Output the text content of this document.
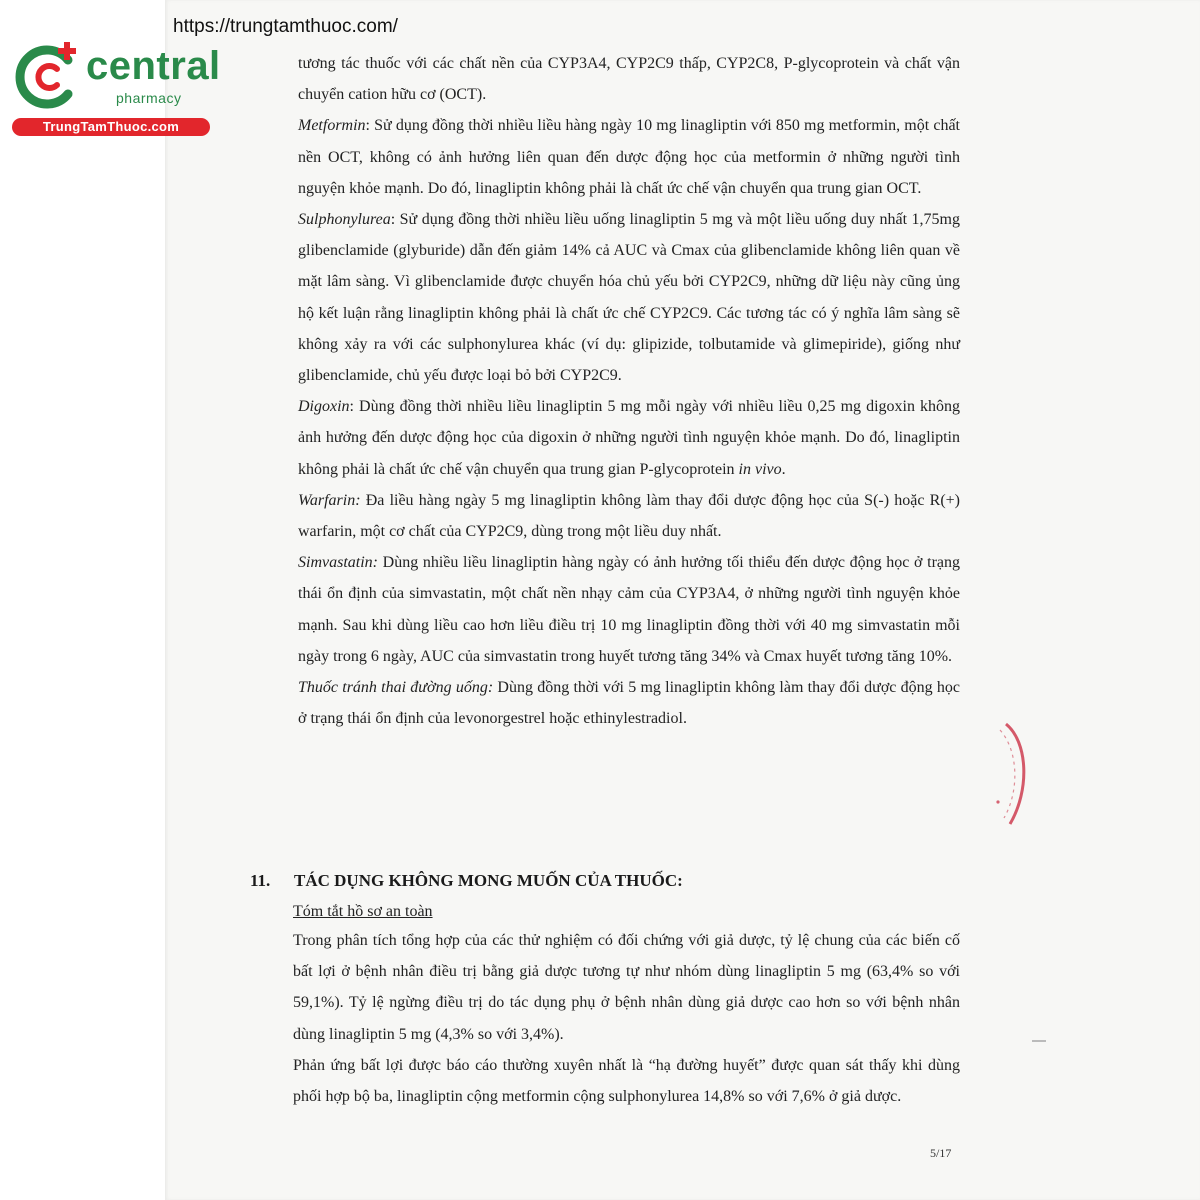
https://trungtamthuoc.com/
central
pharmacy
TrungTamThuoc.com

tương tác thuốc với các chất nền của CYP3A4, CYP2C9 thấp, CYP2C8, P-glycoprotein và chất vận chuyển cation hữu cơ (OCT).

Metformin: Sử dụng đồng thời nhiều liều hàng ngày 10 mg linagliptin với 850 mg metformin, một chất nền OCT, không có ảnh hưởng liên quan đến dược động học của metformin ở những người tình nguyện khỏe mạnh. Do đó, linagliptin không phải là chất ức chế vận chuyển qua trung gian OCT.

Sulphonylurea: Sử dụng đồng thời nhiều liều uống linagliptin 5 mg và một liều uống duy nhất 1,75mg glibenclamide (glyburide) dẫn đến giảm 14% cả AUC và Cmax của glibenclamide không liên quan về mặt lâm sàng. Vì glibenclamide được chuyển hóa chủ yếu bởi CYP2C9, những dữ liệu này cũng ủng hộ kết luận rằng linagliptin không phải là chất ức chế CYP2C9. Các tương tác có ý nghĩa lâm sàng sẽ không xảy ra với các sulphonylurea khác (ví dụ: glipizide, tolbutamide và glimepiride), giống như glibenclamide, chủ yếu được loại bỏ bởi CYP2C9.

Digoxin: Dùng đồng thời nhiều liều linagliptin 5 mg mỗi ngày với nhiều liều 0,25 mg digoxin không ảnh hưởng đến dược động học của digoxin ở những người tình nguyện khỏe mạnh. Do đó, linagliptin không phải là chất ức chế vận chuyển qua trung gian P-glycoprotein in vivo.

Warfarin: Đa liều hàng ngày 5 mg linagliptin không làm thay đổi dược động học của S(-) hoặc R(+) warfarin, một cơ chất của CYP2C9, dùng trong một liều duy nhất.

Simvastatin: Dùng nhiều liều linagliptin hàng ngày có ảnh hưởng tối thiểu đến dược động học ở trạng thái ổn định của simvastatin, một chất nền nhạy cảm của CYP3A4, ở những người tình nguyện khỏe mạnh. Sau khi dùng liều cao hơn liều điều trị 10 mg linagliptin đồng thời với 40 mg simvastatin mỗi ngày trong 6 ngày, AUC của simvastatin trong huyết tương tăng 34% và Cmax huyết tương tăng 10%.

Thuốc tránh thai đường uống: Dùng đồng thời với 5 mg linagliptin không làm thay đổi dược động học ở trạng thái ổn định của levonorgestrel hoặc ethinylestradiol.

11. TÁC DỤNG KHÔNG MONG MUỐN CỦA THUỐC:
Tóm tắt hồ sơ an toàn

Trong phân tích tổng hợp của các thử nghiệm có đối chứng với giả dược, tỷ lệ chung của các biến cố bất lợi ở bệnh nhân điều trị bằng giả dược tương tự như nhóm dùng linagliptin 5 mg (63,4% so với 59,1%). Tỷ lệ ngừng điều trị do tác dụng phụ ở bệnh nhân dùng giả dược cao hơn so với bệnh nhân dùng linagliptin 5 mg (4,3% so với 3,4%).

Phản ứng bất lợi được báo cáo thường xuyên nhất là “hạ đường huyết” được quan sát thấy khi dùng phối hợp bộ ba, linagliptin cộng metformin cộng sulphonylurea 14,8% so với 7,6% ở giả dược.

5/17
